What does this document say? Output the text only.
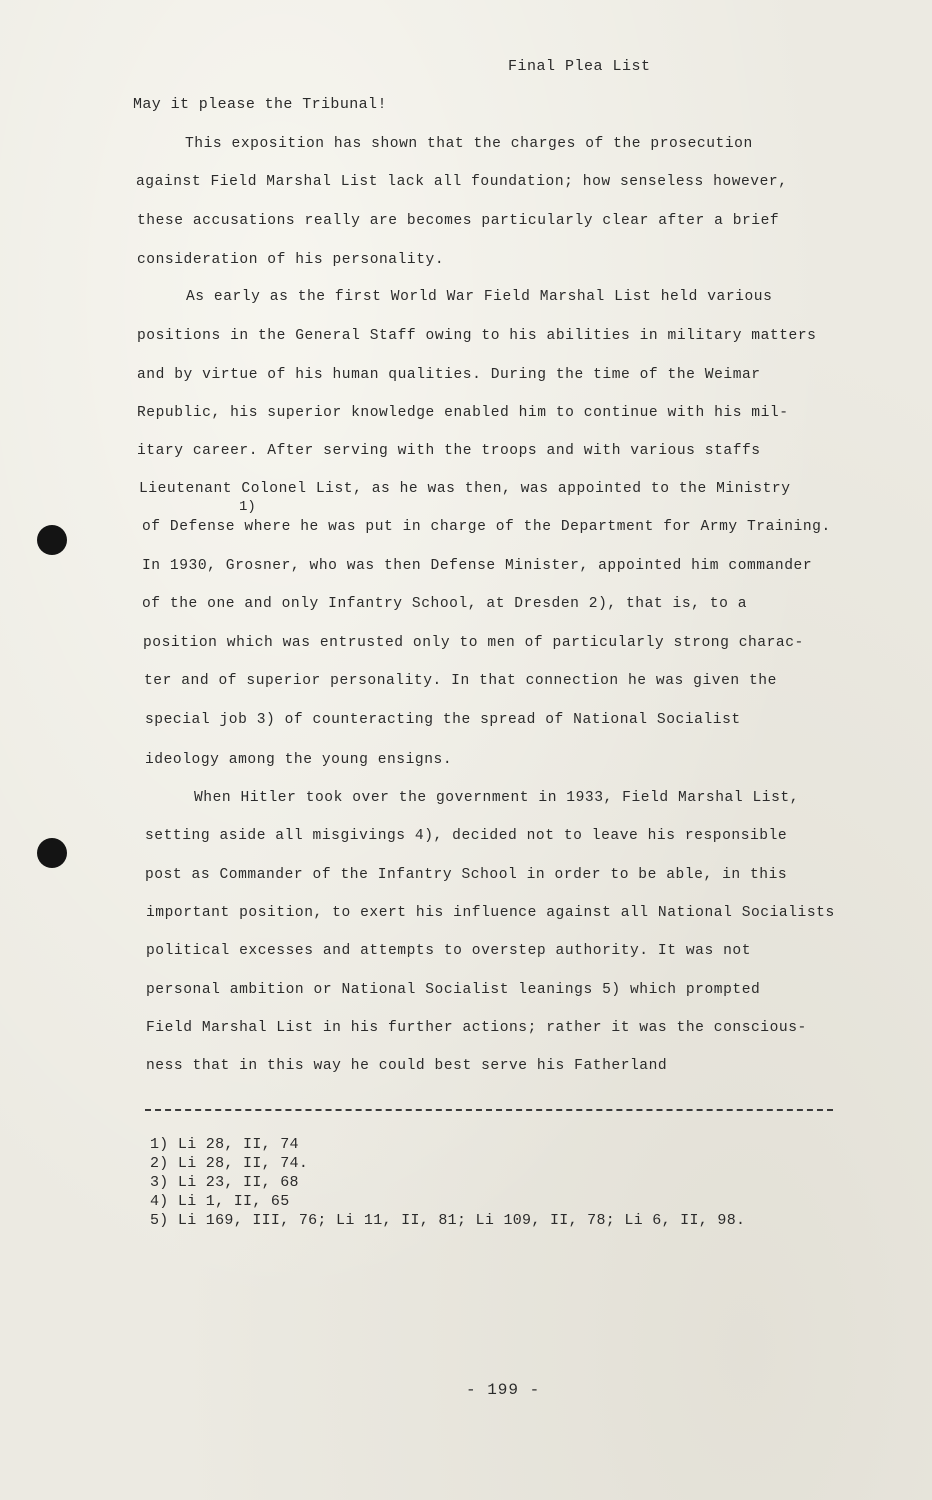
Final Plea List
May it please the Tribunal!
This exposition has shown that the charges of the prosecution
against Field Marshal List lack all foundation; how senseless however,
these accusations really are becomes particularly clear after a brief
consideration of his personality.
As early as the first World War Field Marshal List held various
positions in the General Staff owing to his abilities in military matters
and by virtue of his human qualities. During the time of the Weimar
Republic, his superior knowledge enabled him to continue with his mil-
itary career. After serving with the troops and with various staffs
Lieutenant Colonel List, as he was then, was appointed to the Ministry
1)
of Defense where he was put in charge of the Department for Army Training.
In 1930, Grosner, who was then Defense Minister, appointed him commander
of the one and only Infantry School, at Dresden 2), that is, to a
position which was entrusted only to men of particularly strong charac-
ter and of superior personality. In that connection he was given the
special job 3) of counteracting the spread of National Socialist
ideology among the young ensigns.
When Hitler took over the government in 1933, Field Marshal List,
setting aside all misgivings 4), decided not to leave his responsible
post as Commander of the Infantry School in order to be able, in this
important position, to exert his influence against all National Socialists
political excesses and attempts to overstep authority. It was not
personal ambition or National Socialist leanings 5) which prompted
Field Marshal List in his further actions; rather it was the conscious-
ness that in this way he could best serve his Fatherland
1) Li 28, II, 74
2) Li 28, II, 74.
3) Li 23, II, 68
4) Li 1, II, 65
5) Li 169, III, 76; Li 11, II, 81; Li 109, II, 78; Li 6, II, 98.
- 199 -
